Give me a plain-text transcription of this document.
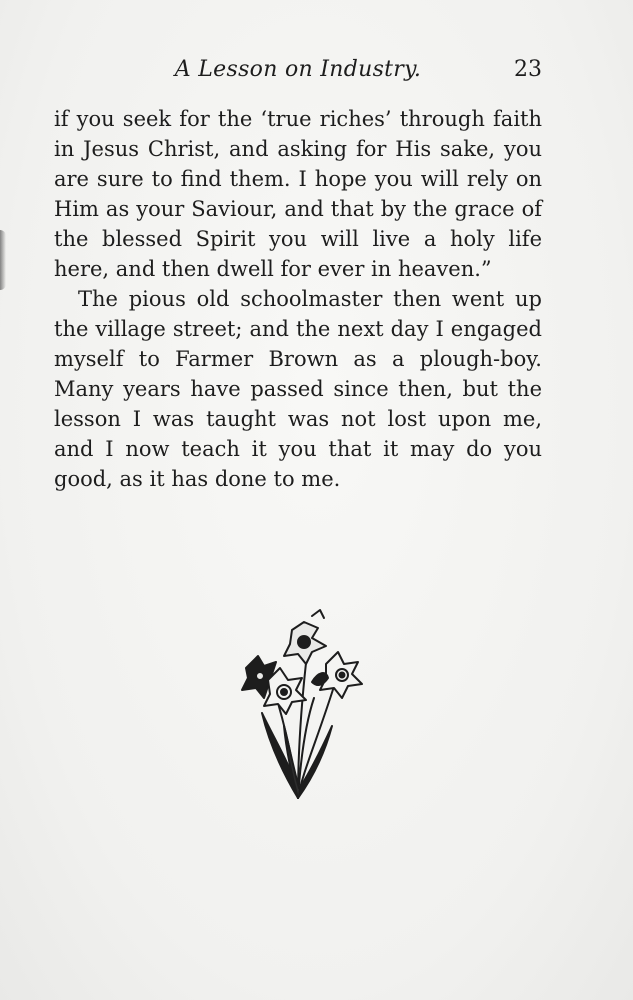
A Lesson on Industry.	23

if you seek for the ‘true riches’ through faith in Jesus Christ, and asking for His sake, you are sure to find them. I hope you will rely on Him as your Saviour, and that by the grace of the blessed Spirit you will live a holy life here, and then dwell for ever in heaven.”

The pious old schoolmaster then went up the village street; and the next day I engaged myself to Farmer Brown as a plough-boy. Many years have passed since then, but the lesson I was taught was not lost upon me, and I now teach it you that it may do you good, as it has done to me.
